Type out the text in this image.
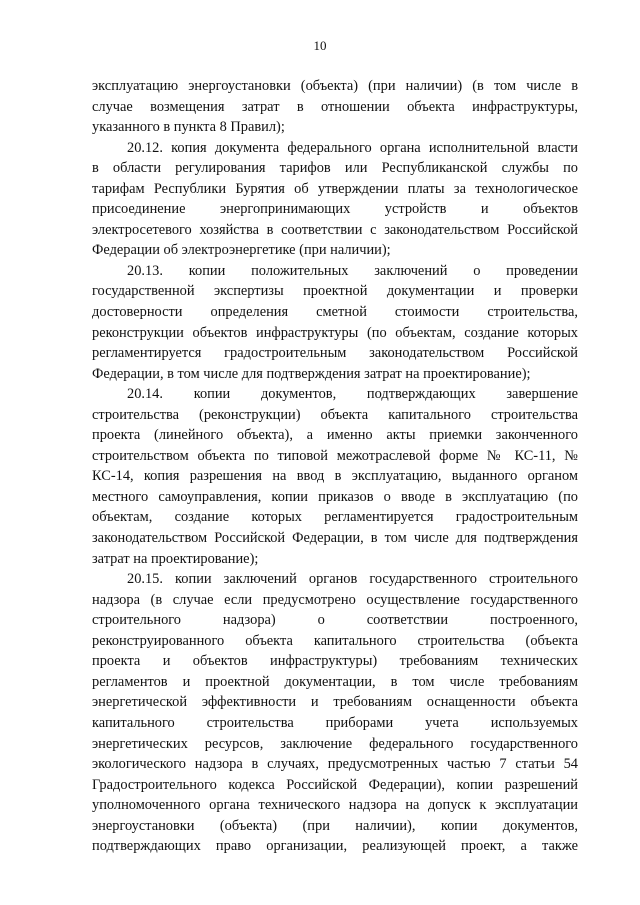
10
эксплуатацию энергоустановки (объекта) (при наличии) (в том числе в
случае возмещения затрат в отношении объекта инфраструктуры,
указанного в пункта 8 Правил);
20.12. копия документа федерального органа исполнительной власти
в области регулирования тарифов или Республиканской службы по
тарифам Республики Бурятия об утверждении платы за технологическое
присоединение энергопринимающих устройств и объектов
электросетевого хозяйства в соответствии с законодательством Российской
Федерации об электроэнергетике (при наличии);
20.13. копии положительных заключений о проведении
государственной экспертизы проектной документации и проверки
достоверности определения сметной стоимости строительства,
реконструкции объектов инфраструктуры (по объектам, создание которых
регламентируется градостроительным законодательством Российской
Федерации, в том числе для подтверждения затрат на проектирование);
20.14. копии документов, подтверждающих завершение
строительства (реконструкции) объекта капитального строительства
проекта (линейного объекта), а именно акты приемки законченного
строительством объекта по типовой межотраслевой форме № КС-11, №
КС-14, копия разрешения на ввод в эксплуатацию, выданного органом
местного самоуправления, копии приказов о вводе в эксплуатацию (по
объектам, создание которых регламентируется градостроительным
законодательством Российской Федерации, в том числе для подтверждения
затрат на проектирование);
20.15. копии заключений органов государственного строительного
надзора (в случае если предусмотрено осуществление государственного
строительного надзора) о соответствии построенного,
реконструированного объекта капитального строительства (объекта
проекта и объектов инфраструктуры) требованиям технических
регламентов и проектной документации, в том числе требованиям
энергетической эффективности и требованиям оснащенности объекта
капитального строительства приборами учета используемых
энергетических ресурсов, заключение федерального государственного
экологического надзора в случаях, предусмотренных частью 7 статьи 54
Градостроительного кодекса Российской Федерации), копии разрешений
уполномоченного органа технического надзора на допуск к эксплуатации
энергоустановки (объекта) (при наличии), копии документов,
подтверждающих право организации, реализующей проект, а также
